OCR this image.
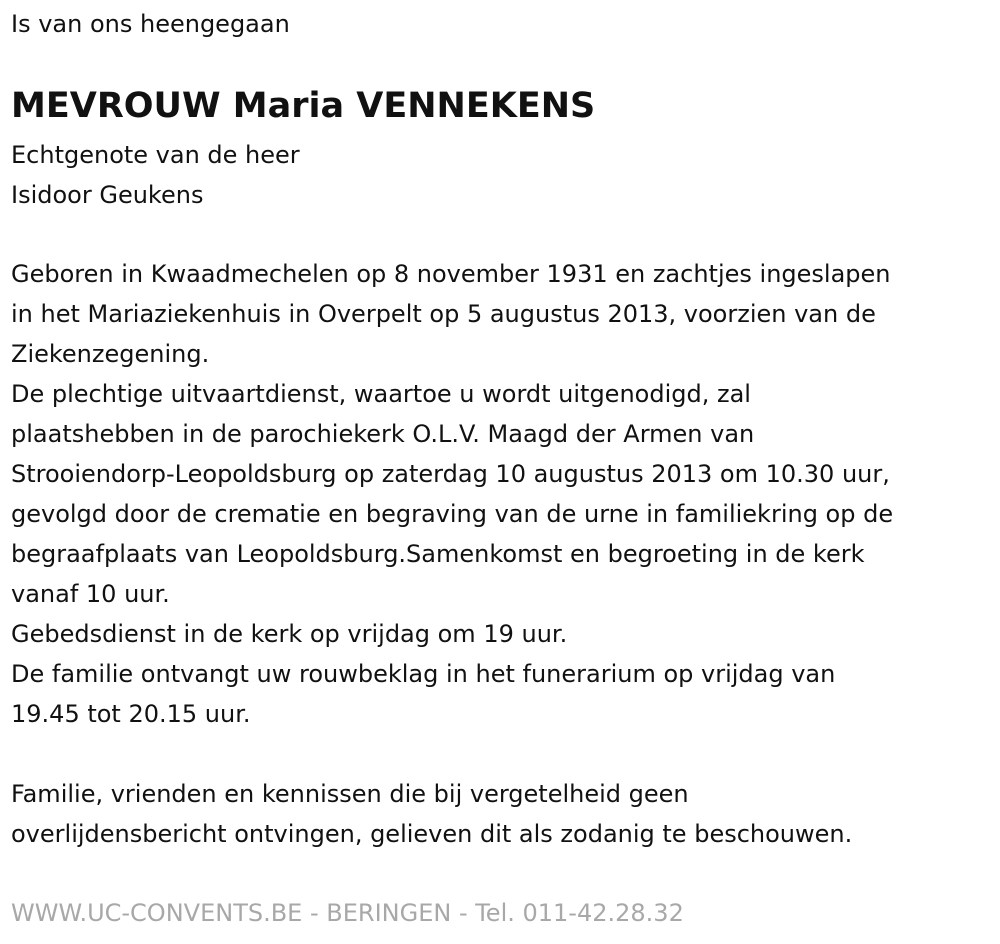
Is van ons heengegaan
MEVROUW Maria VENNEKENS
Echtgenote van de heer
Isidoor Geukens
Geboren in Kwaadmechelen op 8 november 1931 en zachtjes ingeslapen
in het Mariaziekenhuis in Overpelt op 5 augustus 2013, voorzien van de
Ziekenzegening.
De plechtige uitvaartdienst, waartoe u wordt uitgenodigd, zal
plaatshebben in de parochiekerk O.L.V. Maagd der Armen van
Strooiendorp-Leopoldsburg op zaterdag 10 augustus 2013 om 10.30 uur,
gevolgd door de crematie en begraving van de urne in familiekring op de
begraafplaats van Leopoldsburg.Samenkomst en begroeting in de kerk
vanaf 10 uur.
Gebedsdienst in de kerk op vrijdag om 19 uur.
De familie ontvangt uw rouwbeklag in het funerarium op vrijdag van
19.45 tot 20.15 uur.
Familie, vrienden en kennissen die bij vergetelheid geen
overlijdensbericht ontvingen, gelieven dit als zodanig te beschouwen.
WWW.UC-CONVENTS.BE - BERINGEN - Tel. 011-42.28.32
